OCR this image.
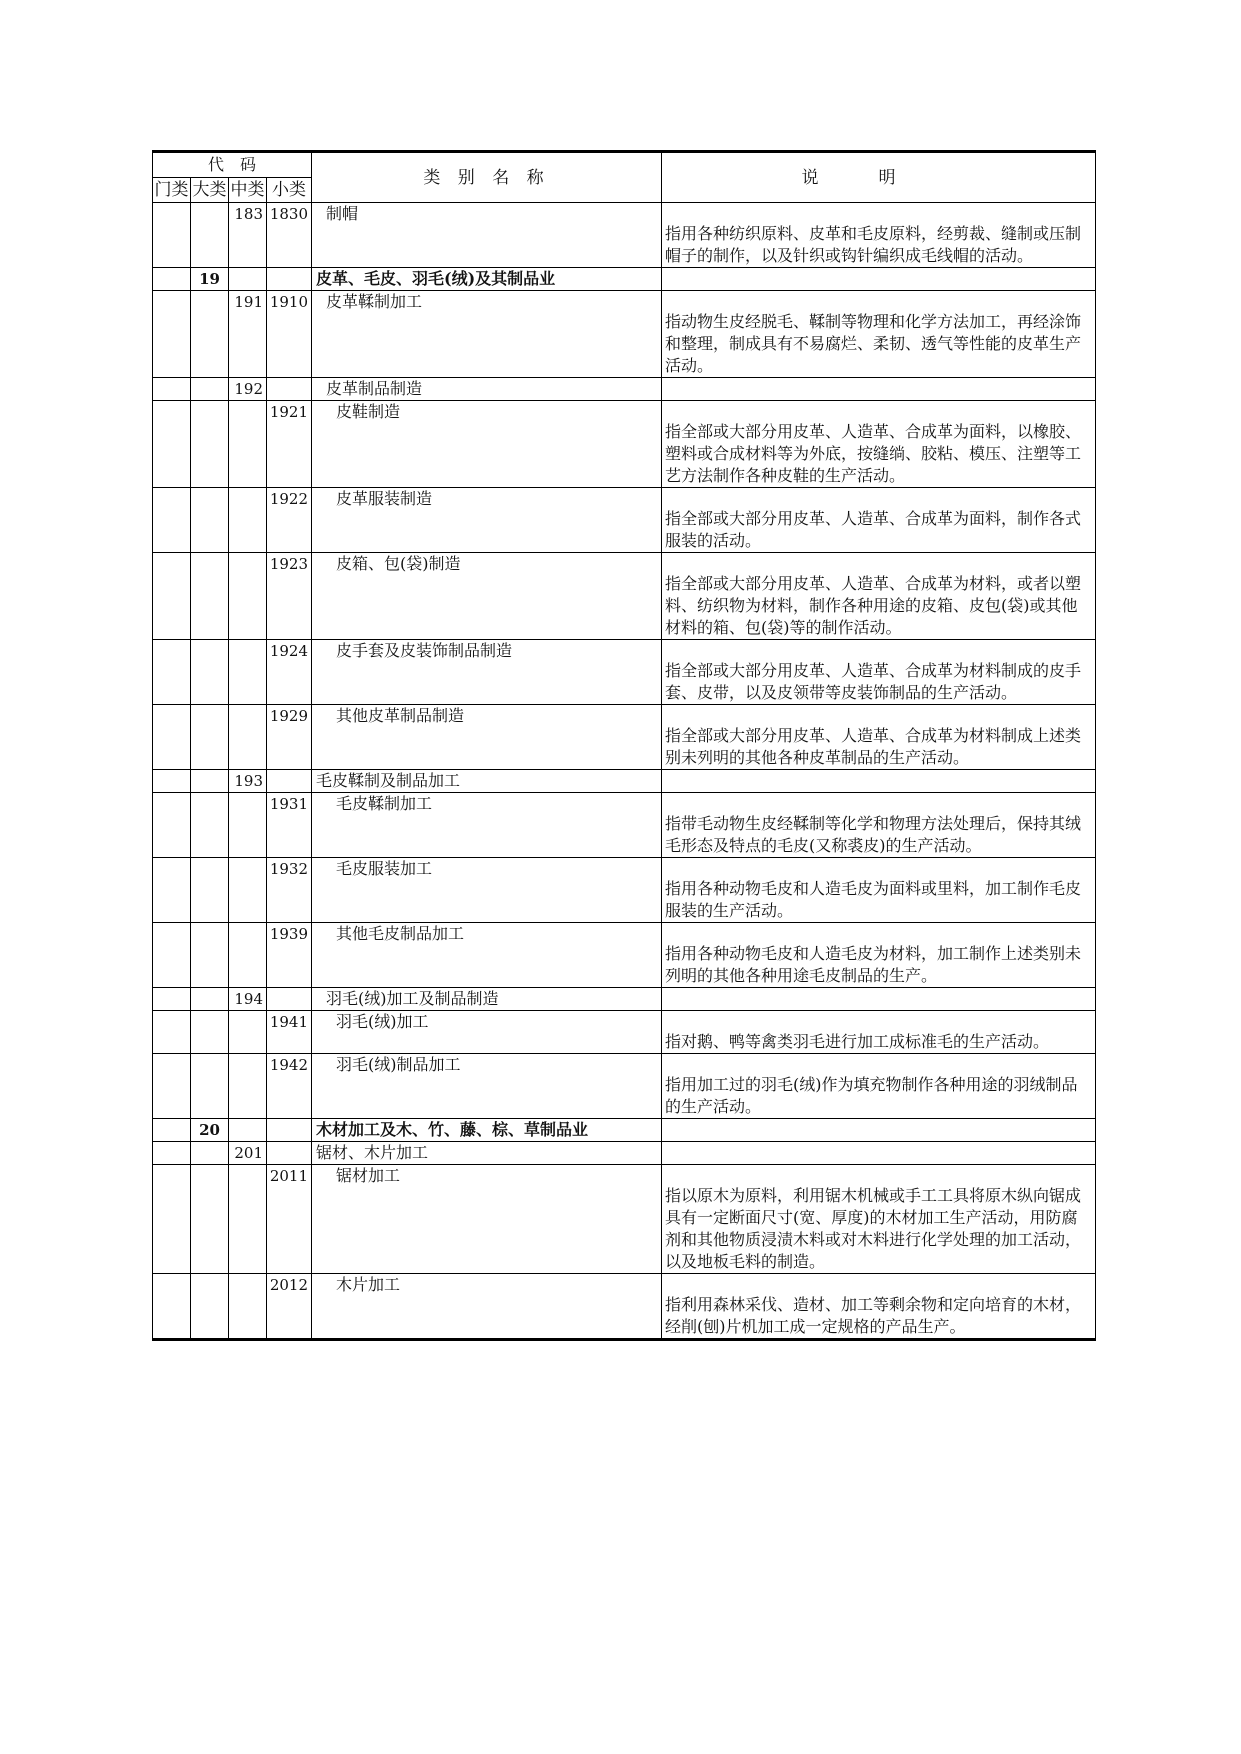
代　码				类 别 名 称	说明
门类	大类	中类	小类		
		183	1830	制帽	指用各种纺织原料、皮革和毛皮原料，经剪裁、缝制或压制帽子的制作，以及针织或钩针编织成毛线帽的活动。

	19			皮革、毛皮、羽毛(绒)及其制品业	
		191	1910	皮革鞣制加工	指动物生皮经脱毛、鞣制等物理和化学方法加工，再经涂饰和整理，制成具有不易腐烂、柔韧、透气等性能的皮革生产活动。

		192		皮革制品制造	
			1921	皮鞋制造	指全部或大部分用皮革、人造革、合成革为面料，以橡胶、塑料或合成材料等为外底，按缝绱、胶粘、模压、注塑等工艺方法制作各种皮鞋的生产活动。

			1922	皮革服装制造	指全部或大部分用皮革、人造革、合成革为面料，制作各式服装的活动。

			1923	皮箱、包(袋)制造	指全部或大部分用皮革、人造革、合成革为材料，或者以塑料、纺织物为材料，制作各种用途的皮箱、皮包(袋)或其他材料的箱、包(袋)等的制作活动。

			1924	皮手套及皮装饰制品制造	指全部或大部分用皮革、人造革、合成革为材料制成的皮手套、皮带，以及皮领带等皮装饰制品的生产活动。

			1929	其他皮革制品制造	指全部或大部分用皮革、人造革、合成革为材料制成上述类别未列明的其他各种皮革制品的生产活动。

		193		毛皮鞣制及制品加工	
			1931	毛皮鞣制加工	指带毛动物生皮经鞣制等化学和物理方法处理后，保持其绒毛形态及特点的毛皮(又称裘皮)的生产活动。

			1932	毛皮服装加工	指用各种动物毛皮和人造毛皮为面料或里料，加工制作毛皮服装的生产活动。

			1939	其他毛皮制品加工	指用各种动物毛皮和人造毛皮为材料，加工制作上述类别未列明的其他各种用途毛皮制品的生产。

		194		羽毛(绒)加工及制品制造	
			1941	羽毛(绒)加工	指对鹅、鸭等禽类羽毛进行加工成标准毛的生产活动。

			1942	羽毛(绒)制品加工	指用加工过的羽毛(绒)作为填充物制作各种用途的羽绒制品的生产活动。

	20			木材加工及木、竹、藤、棕、草制品业	
		201		锯材、木片加工	
			2011	锯材加工	指以原木为原料，利用锯木机械或手工工具将原木纵向锯成具有一定断面尺寸(宽、厚度)的木材加工生产活动，用防腐剂和其他物质浸渍木料或对木料进行化学处理的加工活动，以及地板毛料的制造。

			2012	木片加工	指利用森林采伐、造材、加工等剩余物和定向培育的木材，经削(刨)片机加工成一定规格的产品生产。
